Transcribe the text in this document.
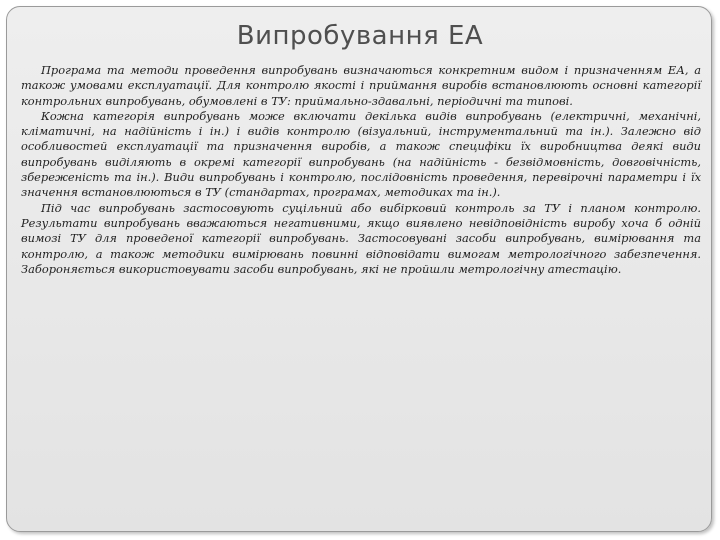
Випробування ЕА

Програма та методи проведення випробувань визначаються конкретним видом і призначенням ЕА, а також умовами експлуатації. Для контролю якості і приймання виробів встановлюють основні категорії контрольних випробувань, обумовлені в ТУ: приймально-здавальні, періодичні та типові.

Кожна категорія випробувань може включати декілька видів випробувань (електричні, механічні, кліматичні, на надійність і ін.) і видів контролю (візуальний, інструментальний та ін.). Залежно від особливостей експлуатації та призначення виробів, а також специфіки їх виробництва деякі види випробувань виділяють в окремі категорії випробувань (на надійність - безвідмовність, довговічність, збереженість та ін.). Види випробувань і контролю, послідовність проведення, перевірочні параметри і їх значення встановлюються в ТУ (стандартах, програмах, методиках та ін.).

Під час випробувань застосовують суцільний або вибірковий контроль за ТУ і планом контролю. Результати випробувань вважаються негативними, якщо виявлено невідповідність виробу хоча б одній вимозі ТУ для проведеної категорії випробувань. Застосовувані засоби випробувань, вимірювання та контролю, а також методики вимірювань повинні відповідати вимогам метрологічного забезпечення. Забороняється використовувати засоби випробувань, які не пройшли метрологічну атестацію.
